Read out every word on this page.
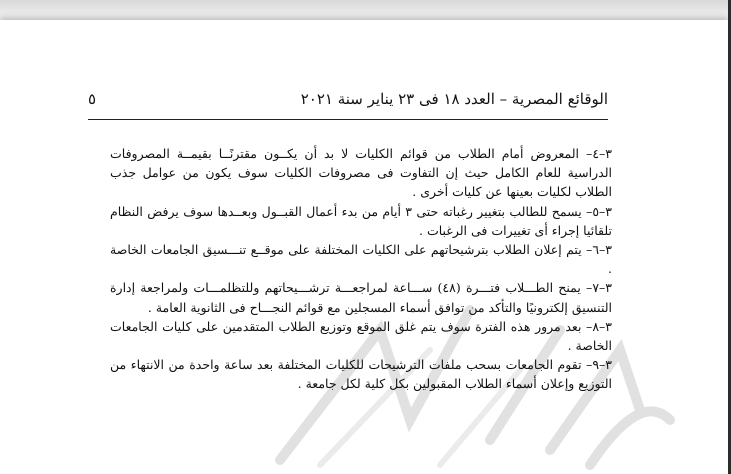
الوقائع المصرية – العدد ١٨ فى ٢٣ يناير سنة ٢٠٢١
٥

٣–٤– المعروض أمام الطلاب من قوائم الكليات لا بد أن يكــون مقترنًــا بقيمــة المصروفات الدراسية للعام الكامل حيث إن التفاوت فى مصروفات الكليات سوف يكون من عوامل جذب الطلاب لكليات بعينها عن كليات أخرى .

٣–٥– يسمح للطالب بتغيير رغباته حتى ٣ أيام من بدء أعمال القبــول وبعــدها سوف يرفض النظام تلقائيا إجراء أى تغييرات فى الرغبات .

٣–٦– يتم إعلان الطلاب بترشيحاتهم على الكليات المختلفة على موقــع تنـــسيق الجامعات الخاصة .

٣–٧– يمنح الطـــلاب فتـــرة (٤٨) ســـاعة لمراجعـــة ترشـــيحاتهم وللتظلمـــات ولمراجعة إدارة التنسيق إلكترونيًا والتأكد من توافق أسماء المسجلين مع قوائم النجـــاح فى الثانوية العامة .

٣–٨– بعد مرور هذه الفترة سوف يتم غلق الموقع وتوزيع الطلاب المتقدمين على كليات الجامعات الخاصة .

٣–٩– تقوم الجامعات بسحب ملفات الترشيحات للكليات المختلفة بعد ساعة واحدة من الانتهاء من التوزيع وإعلان أسماء الطلاب المقبولين بكل كلية لكل جامعة .
